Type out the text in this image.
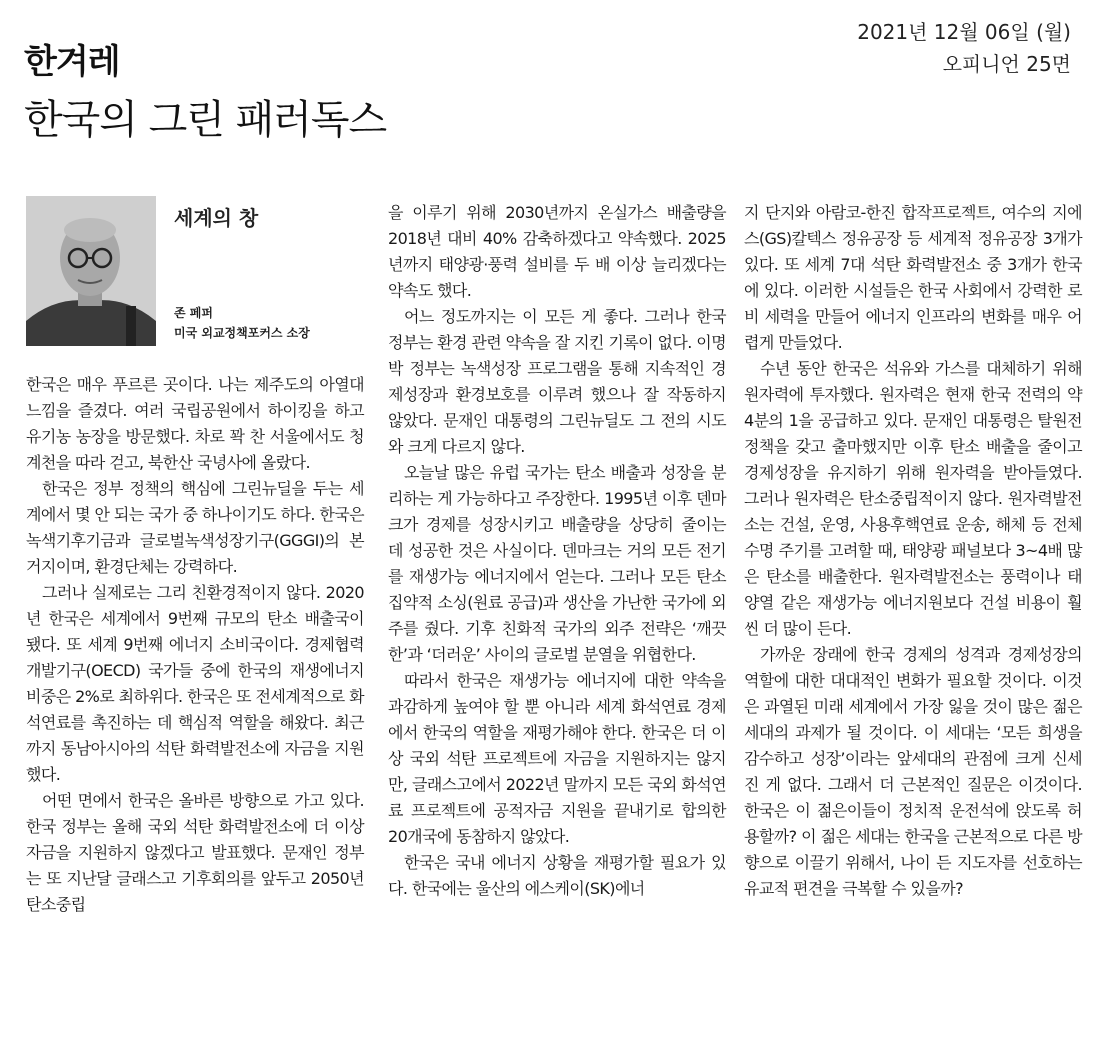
한겨레
2021년 12월 06일 (월)
오피니언 25면
한국의 그린 패러독스
세계의 창
존 페퍼
미국 외교정책포커스 소장

한국은 매우 푸르른 곳이다. 나는 제주도의 아열대 느낌을 즐겼다. 여러 국립공원에서 하이킹을 하고 유기농 농장을 방문했다. 차로 꽉 찬 서울에서도 청계천을 따라 걷고, 북한산 국녕사에 올랐다.

한국은 정부 정책의 핵심에 그린뉴딜을 두는 세계에서 몇 안 되는 국가 중 하나이기도 하다. 한국은 녹색기후기금과 글로벌녹색성장기구(GGGI)의 본거지이며, 환경단체는 강력하다.

그러나 실제로는 그리 친환경적이지 않다. 2020년 한국은 세계에서 9번째 규모의 탄소 배출국이 됐다. 또 세계 9번째 에너지 소비국이다. 경제협력개발기구(OECD) 국가들 중에 한국의 재생에너지 비중은 2%로 최하위다. 한국은 또 전세계적으로 화석연료를 촉진하는 데 핵심적 역할을 해왔다. 최근까지 동남아시아의 석탄 화력발전소에 자금을 지원했다.

어떤 면에서 한국은 올바른 방향으로 가고 있다. 한국 정부는 올해 국외 석탄 화력발전소에 더 이상 자금을 지원하지 않겠다고 발표했다. 문재인 정부는 또 지난달 글래스고 기후회의를 앞두고 2050년 탄소중립

을 이루기 위해 2030년까지 온실가스 배출량을 2018년 대비 40% 감축하겠다고 약속했다. 2025년까지 태양광·풍력 설비를 두 배 이상 늘리겠다는 약속도 했다.

어느 정도까지는 이 모든 게 좋다. 그러나 한국 정부는 환경 관련 약속을 잘 지킨 기록이 없다. 이명박 정부는 녹색성장 프로그램을 통해 지속적인 경제성장과 환경보호를 이루려 했으나 잘 작동하지 않았다. 문재인 대통령의 그린뉴딜도 그 전의 시도와 크게 다르지 않다.

오늘날 많은 유럽 국가는 탄소 배출과 성장을 분리하는 게 가능하다고 주장한다. 1995년 이후 덴마크가 경제를 성장시키고 배출량을 상당히 줄이는 데 성공한 것은 사실이다. 덴마크는 거의 모든 전기를 재생가능 에너지에서 얻는다. 그러나 모든 탄소 집약적 소싱(원료 공급)과 생산을 가난한 국가에 외주를 줬다. 기후 친화적 국가의 외주 전략은 ‘깨끗한’과 ‘더러운’ 사이의 글로벌 분열을 위협한다.

따라서 한국은 재생가능 에너지에 대한 약속을 과감하게 높여야 할 뿐 아니라 세계 화석연료 경제에서 한국의 역할을 재평가해야 한다. 한국은 더 이상 국외 석탄 프로젝트에 자금을 지원하지는 않지만, 글래스고에서 2022년 말까지 모든 국외 화석연료 프로젝트에 공적자금 지원을 끝내기로 합의한 20개국에 동참하지 않았다.

한국은 국내 에너지 상황을 재평가할 필요가 있다. 한국에는 울산의 에스케이(SK)에너

지 단지와 아람코-한진 합작프로젝트, 여수의 지에스(GS)칼텍스 정유공장 등 세계적 정유공장 3개가 있다. 또 세계 7대 석탄 화력발전소 중 3개가 한국에 있다. 이러한 시설들은 한국 사회에서 강력한 로비 세력을 만들어 에너지 인프라의 변화를 매우 어렵게 만들었다.

수년 동안 한국은 석유와 가스를 대체하기 위해 원자력에 투자했다. 원자력은 현재 한국 전력의 약 4분의 1을 공급하고 있다. 문재인 대통령은 탈원전 정책을 갖고 출마했지만 이후 탄소 배출을 줄이고 경제성장을 유지하기 위해 원자력을 받아들였다. 그러나 원자력은 탄소중립적이지 않다. 원자력발전소는 건설, 운영, 사용후핵연료 운송, 해체 등 전체 수명 주기를 고려할 때, 태양광 패널보다 3~4배 많은 탄소를 배출한다. 원자력발전소는 풍력이나 태양열 같은 재생가능 에너지원보다 건설 비용이 훨씬 더 많이 든다.

가까운 장래에 한국 경제의 성격과 경제성장의 역할에 대한 대대적인 변화가 필요할 것이다. 이것은 과열된 미래 세계에서 가장 잃을 것이 많은 젊은 세대의 과제가 될 것이다. 이 세대는 ‘모든 희생을 감수하고 성장’이라는 앞세대의 관점에 크게 신세 진 게 없다. 그래서 더 근본적인 질문은 이것이다. 한국은 이 젊은이들이 정치적 운전석에 앉도록 허용할까? 이 젊은 세대는 한국을 근본적으로 다른 방향으로 이끌기 위해서, 나이 든 지도자를 선호하는 유교적 편견을 극복할 수 있을까?
